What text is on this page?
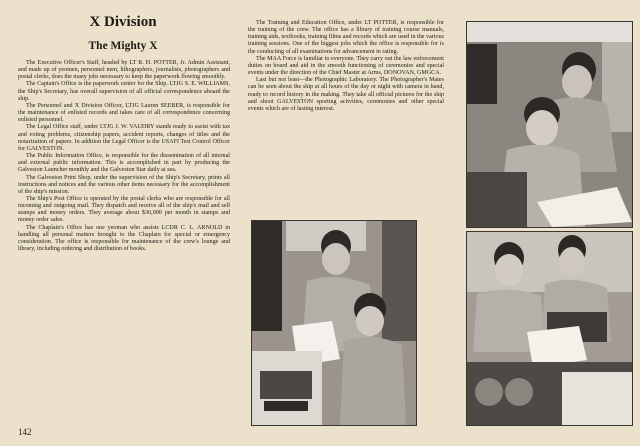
X Division
The Mighty X

The Executive Officer's Staff, headed by LT R. H. POTTER, Jr. Admin Assistant, and made up of yeomen, personnel men, lithographers, journalists, photographers and postal clerks, does the many jobs necessary to keep the paperwork flowing smoothly.

The Captain's Office is the paperwork center for the Ship. LTJG S. E. WILLIAMS, the Ship's Secretary, has overall supervision of all official correspondence aboard the ship.

The Personnel and X Division Officer, LTJG Lauren SEEBER, is responsible for the maintenance of enlisted records and takes care of all correspondence concerning enlisted personnel.

The Legal Office staff, under LTJG J. W. VAUDRY stands ready to assist with tax and voting problems, citizenship papers, accident reports, changes of titles and the notarization of papers. In addition the Legal Officer is the USAFI Test Control Officer for GALVESTON.

The Public Information Office, is responsible for the dissemination of all internal and external public information. This is accomplished in part by producing the Galveston Launcher monthly and the Galveston Star daily at sea.

The Galveston Print Shop, under the supervision of the Ship's Secretary, prints all instructions and notices and the various other items necessary for the accomplishment of the ship's mission.

The Ship's Post Office is operated by the postal clerks who are responsible for all incoming and outgoing mail. They dispatch and receive all of the ship's mail and sell stamps and money orders. They average about $30,000 per month in stamps and money order sales.

The Chaplain's Office has one yeoman who assists LCDR C. L. ARNOLD in handling all personal matters brought to the Chaplain for special or emergency consideration. The office is responsible for maintenance of the crew's lounge and library, including ordering and distribution of books.

The Training and Education Office, under LT POTTER, is responsible for the training of the crew. The office has a library of training course manuals, training aids, textbooks, training films and records which are used in the various training sessions. One of the biggest jobs which the office is responsible for is the conducting of all examinations for advancement in rating.

The MAA Force is familiar to everyone. They carry out the law enforcement duties on board and aid in the smooth functioning of ceremonies and special events under the direction of the Chief Master at Arms, DONOVAN, GMGCA.

Last but not least—the Photographic Laboratory. The Photographer's Mates can be seen about the ship at all hours of the day or night with camera in hand, ready to record history in the making. They take all official pictures for the ship and shoot GALVESTON sporting activities, ceremonies and other special events which are of lasting interest.

142
